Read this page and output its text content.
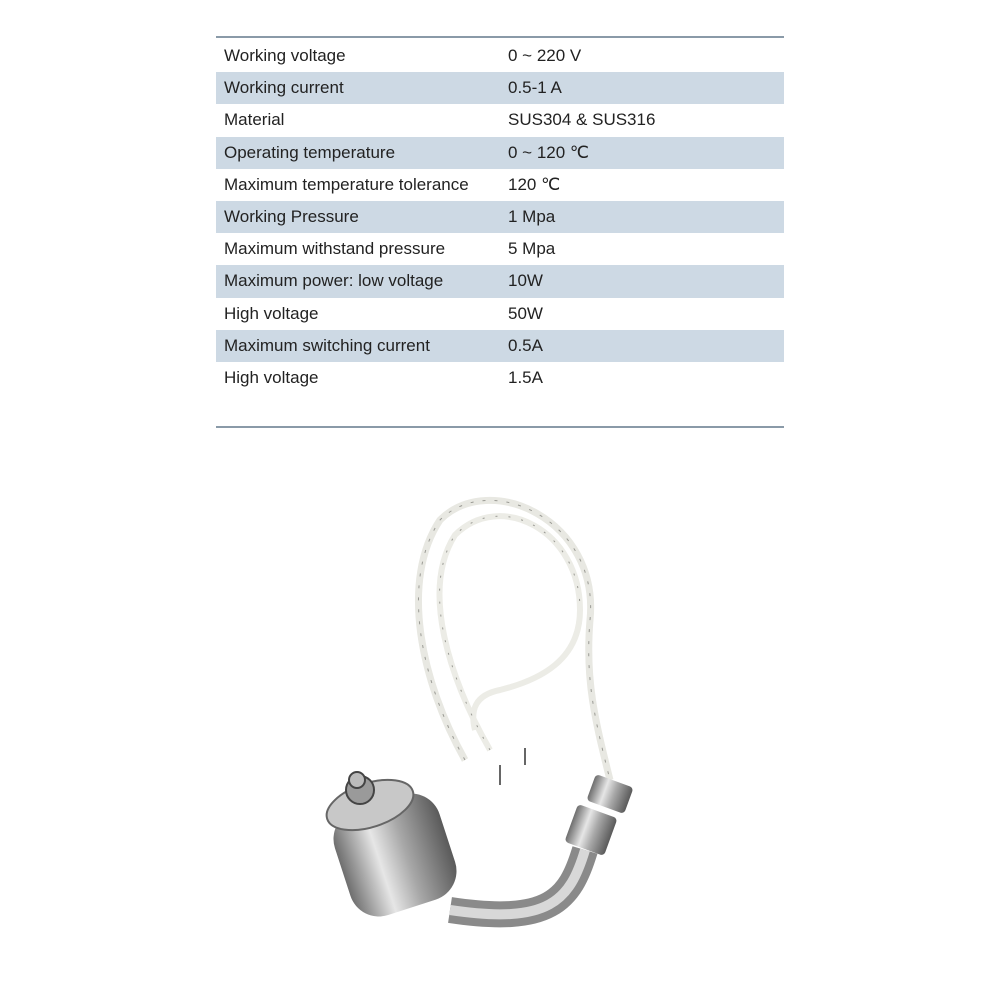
Working voltage	0 ~ 220 V
Working current	0.5-1 A
Material	SUS304 & SUS316
Operating temperature	0 ~ 120 ℃
Maximum temperature tolerance	120 ℃
Working Pressure	1 Mpa
Maximum withstand pressure	5 Mpa
Maximum power: low voltage	10W
High voltage	50W
Maximum switching current	0.5A
High voltage	1.5A
